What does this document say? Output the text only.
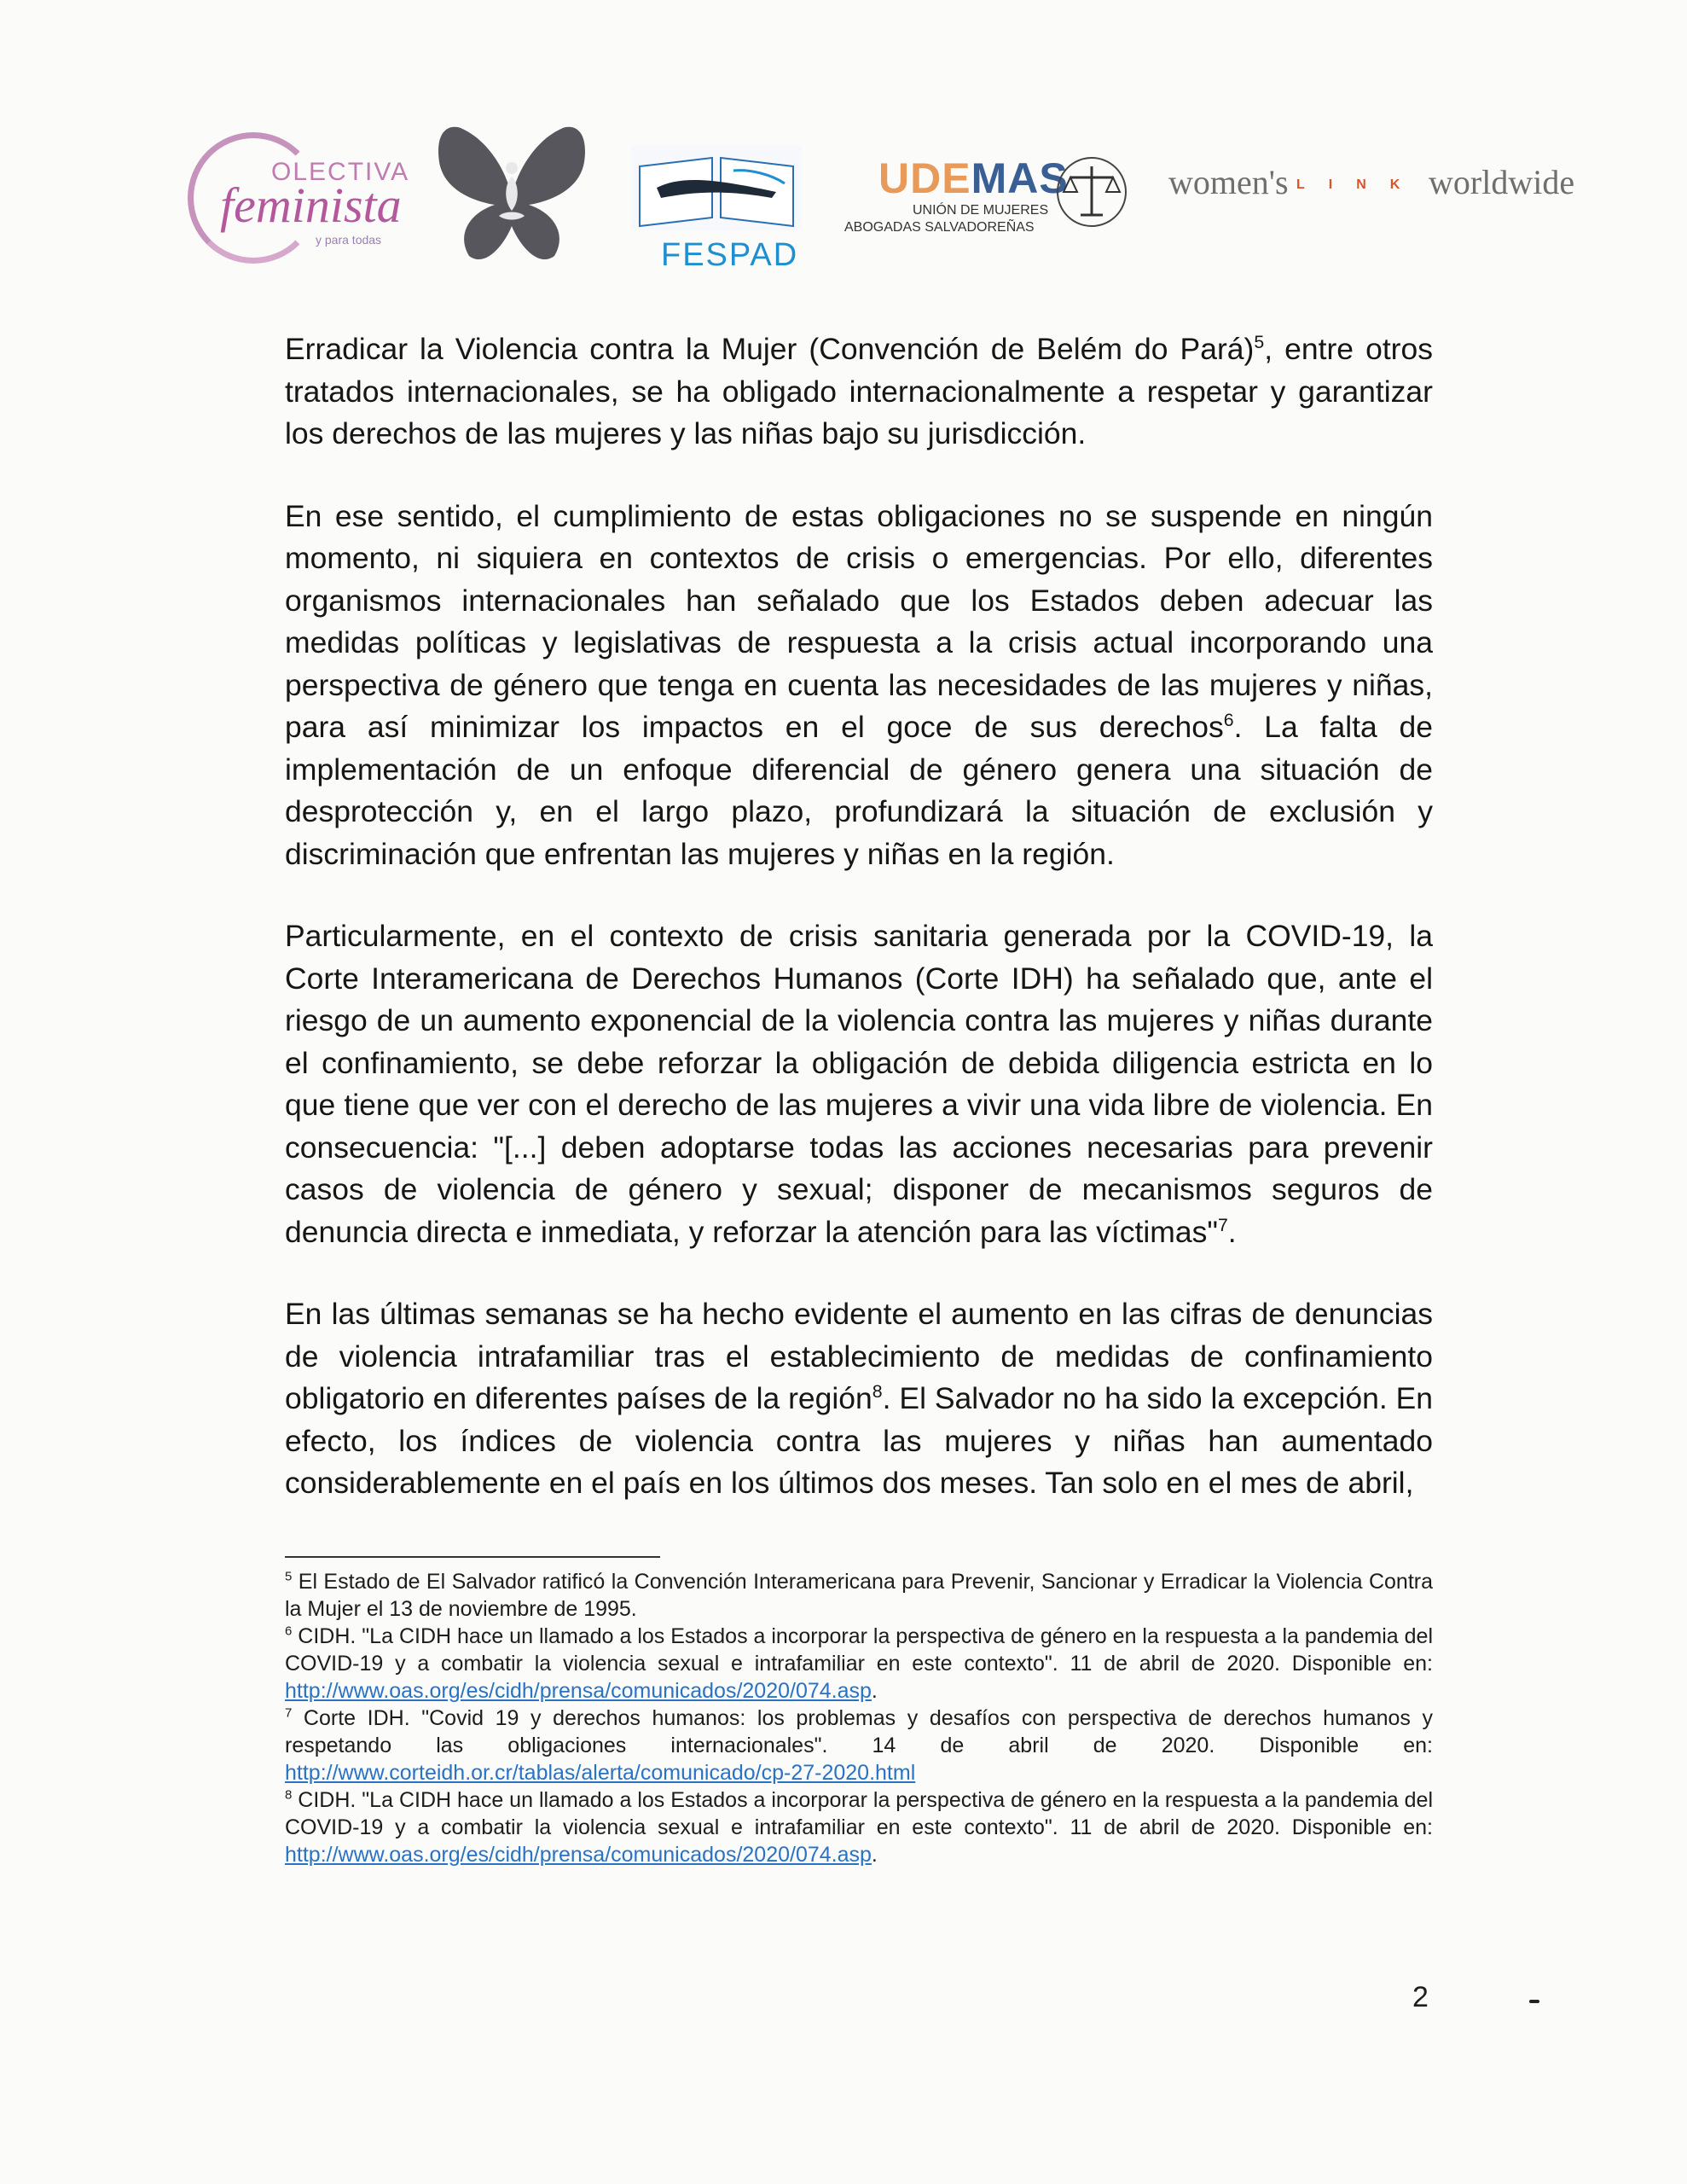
OLECTIVA
feminista
y para todas	FESPAD
UDEMAS
UNIÓN DE MUJERES
ABOGADAS SALVADOREÑAS
women's LINK worldwide

Erradicar la Violencia contra la Mujer (Convención de Belém do Pará)$^5$, entre otros tratados internacionales, se ha obligado internacionalmente a respetar y garantizar los derechos de las mujeres y las niñas bajo su jurisdicción.

En ese sentido, el cumplimiento de estas obligaciones no se suspende en ningún momento, ni siquiera en contextos de crisis o emergencias. Por ello, diferentes organismos internacionales han señalado que los Estados deben adecuar las medidas políticas y legislativas de respuesta a la crisis actual incorporando una perspectiva de género que tenga en cuenta las necesidades de las mujeres y niñas, para así minimizar los impactos en el goce de sus derechos$^6$. La falta de implementación de un enfoque diferencial de género genera una situación de desprotección y, en el largo plazo, profundizará la situación de exclusión y discriminación que enfrentan las mujeres y niñas en la región.

Particularmente, en el contexto de crisis sanitaria generada por la COVID-19, la Corte Interamericana de Derechos Humanos (Corte IDH) ha señalado que, ante el riesgo de un aumento exponencial de la violencia contra las mujeres y niñas durante el confinamiento, se debe reforzar la obligación de debida diligencia estricta en lo que tiene que ver con el derecho de las mujeres a vivir una vida libre de violencia. En consecuencia: "[...] deben adoptarse todas las acciones necesarias para prevenir casos de violencia de género y sexual; disponer de mecanismos seguros de denuncia directa e inmediata, y reforzar la atención para las víctimas"$^7$.

En las últimas semanas se ha hecho evidente el aumento en las cifras de denuncias de violencia intrafamiliar tras el establecimiento de medidas de confinamiento obligatorio en diferentes países de la región$^8$. El Salvador no ha sido la excepción. En efecto, los índices de violencia contra las mujeres y niñas han aumentado considerablemente en el país en los últimos dos meses. Tan solo en el mes de abril,

$^5$ El Estado de El Salvador ratificó la Convención Interamericana para Prevenir, Sancionar y Erradicar la Violencia Contra la Mujer el 13 de noviembre de 1995.

$^6$ CIDH. "La CIDH hace un llamado a los Estados a incorporar la perspectiva de género en la respuesta a la pandemia del COVID-19 y a combatir la violencia sexual e intrafamiliar en este contexto". 11 de abril de 2020. Disponible en: http://www.oas.org/es/cidh/prensa/comunicados/2020/074.asp.

$^7$ Corte IDH. "Covid 19 y derechos humanos: los problemas y desafíos con perspectiva de derechos humanos y respetando las obligaciones internacionales". 14 de abril de 2020. Disponible en: http://www.corteidh.or.cr/tablas/alerta/comunicado/cp-27-2020.html

$^8$ CIDH. "La CIDH hace un llamado a los Estados a incorporar la perspectiva de género en la respuesta a la pandemia del COVID-19 y a combatir la violencia sexual e intrafamiliar en este contexto". 11 de abril de 2020. Disponible en: http://www.oas.org/es/cidh/prensa/comunicados/2020/074.asp.

2
